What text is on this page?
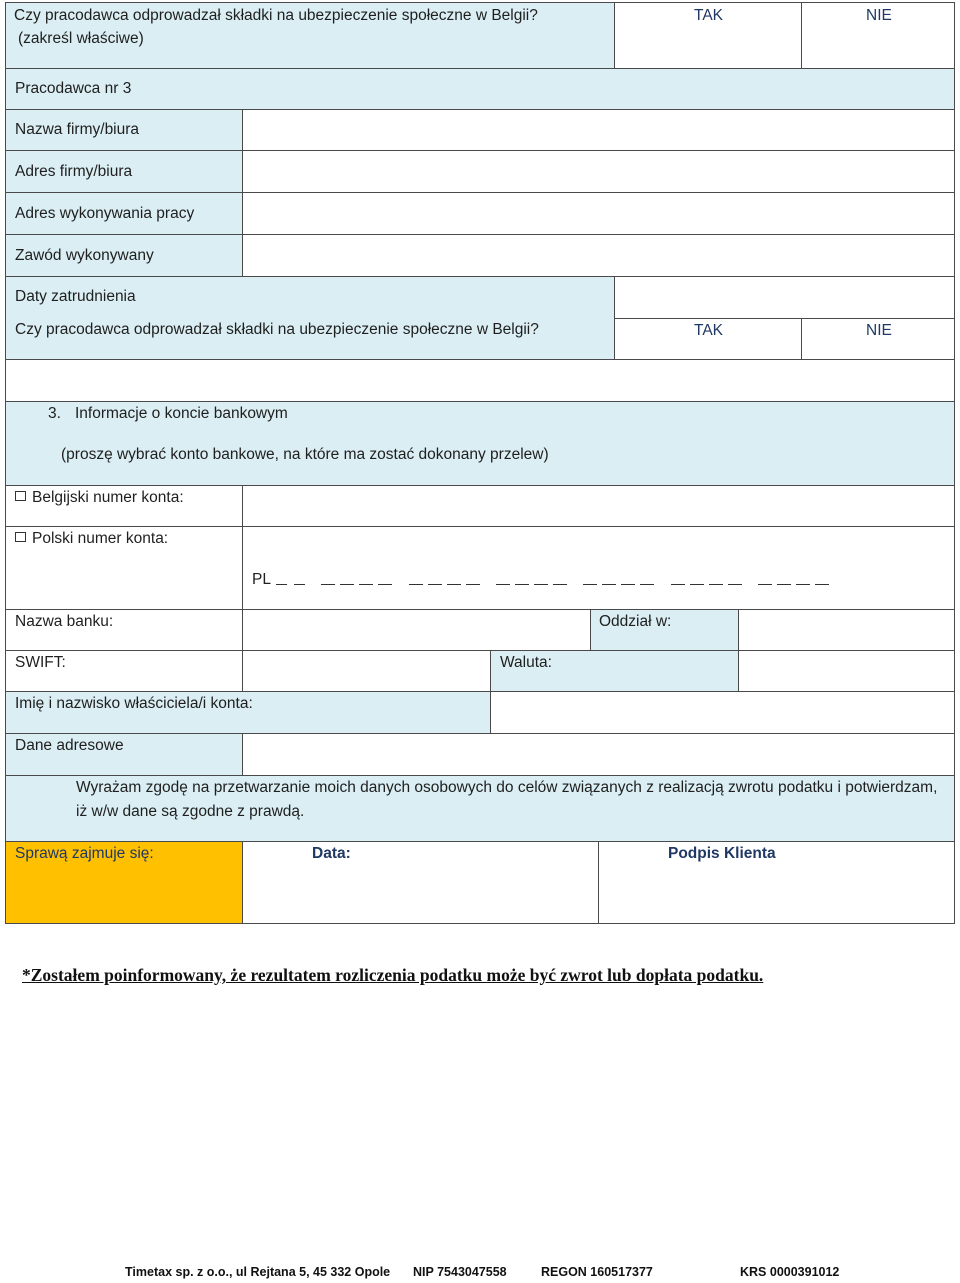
Czy pracodawca odprowadzał składki na ubezpieczenie społeczne w Belgii?
(zakreśl właściwe)
TAK	NIE
Pracodawca nr 3
Nazwa firmy/biura
Adres firmy/biura
Adres wykonywania pracy
Zawód wykonywany
Daty zatrudnienia
Czy pracodawca odprowadzał składki na ubezpieczenie społeczne w Belgii?	TAK	NIE
3. Informacje o koncie bankowym
(proszę wybrać konto bankowe, na które ma zostać dokonany przelew)
Belgijski numer konta:
Polski numer konta:
PL
Nazwa banku:	Oddział w:
SWIFT:	Waluta:
Imię i nazwisko właściciela/i konta:
Dane adresowe
Wyrażam zgodę na przetwarzanie moich danych osobowych do celów związanych z realizacją zwrotu podatku i potwierdzam,
iż w/w dane są zgodne z prawdą.
Sprawą zajmuje się:	Data:	Podpis Klienta
*Zostałem poinformowany, że rezultatem rozliczenia podatku może być zwrot lub dopłata podatku.
Timetax sp. z o.o., ul Rejtana 5, 45 332 Opole NIP 7543047558	REGON 160517377	KRS 0000391012
